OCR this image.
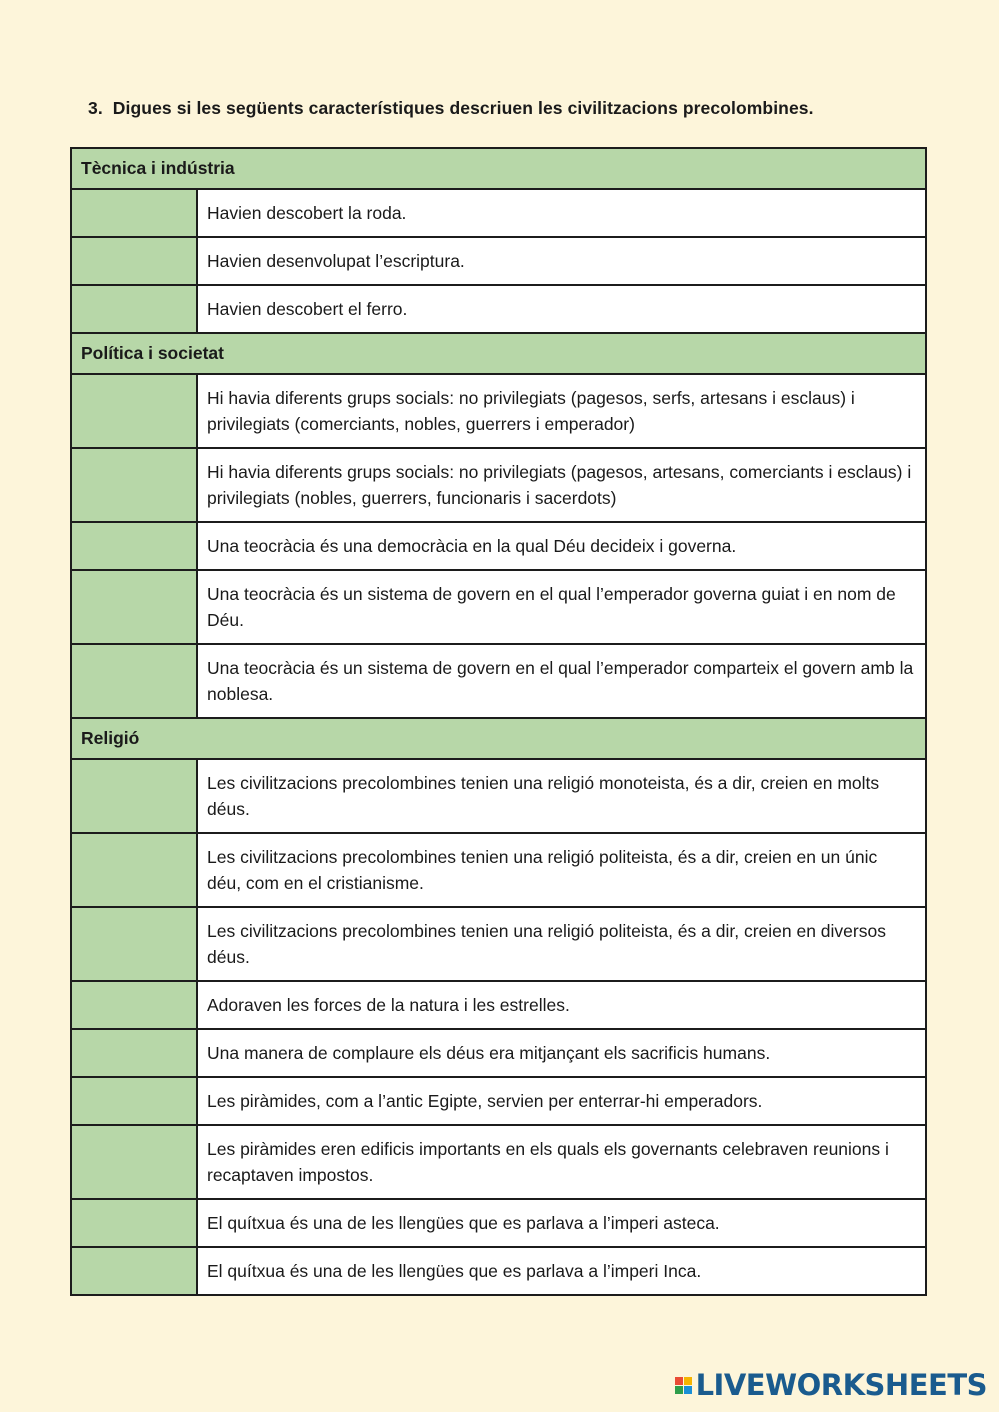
3. Digues si les següents característiques descriuen les civilitzacions precolombines.
Tècnica i indústria	
	Havien descobert la roda.
	Havien desenvolupat l’escriptura.
	Havien descobert el ferro.
Política i societat	
	Hi havia diferents grups socials: no privilegiats (pagesos, serfs, artesans i esclaus) i privilegiats (comerciants, nobles, guerrers i emperador)
	Hi havia diferents grups socials: no privilegiats (pagesos, artesans, comerciants i esclaus) i privilegiats (nobles, guerrers, funcionaris i sacerdots)
	Una teocràcia és una democràcia en la qual Déu decideix i governa.
	Una teocràcia és un sistema de govern en el qual l’emperador governa guiat i en nom de Déu.
	Una teocràcia és un sistema de govern en el qual l’emperador comparteix el govern amb la noblesa.
Religió	
	Les civilitzacions precolombines tenien una religió monoteista, és a dir, creien en molts déus.
	Les civilitzacions precolombines tenien una religió politeista, és a dir, creien en un únic déu, com en el cristianisme.
	Les civilitzacions precolombines tenien una religió politeista, és a dir, creien en diversos déus.
	Adoraven les forces de la natura i les estrelles.
	Una manera de complaure els déus era mitjançant els sacrificis humans.
	Les piràmides, com a l’antic Egipte, servien per enterrar-hi emperadors.
	Les piràmides eren edificis importants en els quals els governants celebraven reunions i recaptaven impostos.
	El quítxua és una de les llengües que es parlava a l’imperi asteca.
	El quítxua és una de les llengües que es parlava a l’imperi Inca.
LIVEWORKSHEETS
